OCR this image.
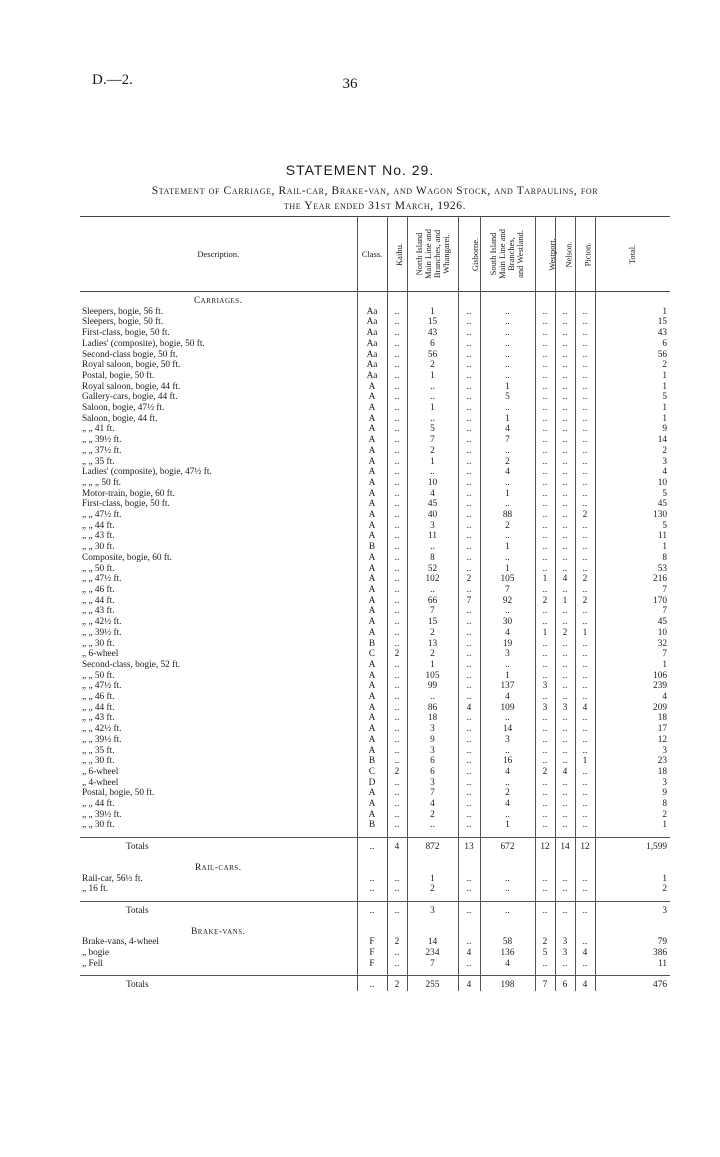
D.—2.	36
STATEMENT No. 29.
Statement of Carriage, Rail-car, Brake-van, and Wagon Stock, and Tarpaulins, for
the Year ended 31st March, 1926.
Description.	Class.	Kaihu.	North Island
Main Line and
Branches, and
Whangarei.	Gisborne.	South Island
Main Line and
Branches,
and Westland.	Westport.	Nelson.	Picton.	Total.
Carriages.									
Sleepers, bogie, 56 ft.	Aa	..	1	..	..	..	..	..	1
Sleepers, bogie, 50 ft.	Aa	..	15	..	..	..	..	..	15
First-class, bogie, 50 ft.	Aa	..	43	..	..	..	..	..	43
Ladies' (composite), bogie, 50 ft.	Aa	..	6	..	..	..	..	..	6
Second-class bogie, 50 ft.	Aa	..	56	..	..	..	..	..	56
Royal saloon, bogie, 50 ft.	Aa	..	2	..	..	..	..	..	2
Postal, bogie, 50 ft.	Aa	..	1	..	..	..	..	..	1
Royal saloon, bogie, 44 ft.	A	..	..	..	1	..	..	..	1
Gallery-cars, bogie, 44 ft.	A	..	..	..	5	..	..	..	5
Saloon, bogie, 47½ ft.	A	..	1	..	..	..	..	..	1
Saloon, bogie, 44 ft.	A	..	..	..	1	..	..	..	1
„ „ 41 ft.	A	..	5	..	4	..	..	..	9
„ „ 39½ ft.	A	..	7	..	7	..	..	..	14
„ „ 37½ ft.	A	..	2	..	..	..	..	..	2
„ „ 35 ft.	A	..	1	..	2	..	..	..	3
Ladies' (composite), bogie, 47½ ft.	A	..	..	..	4	..	..	..	4
„ „ „ 50 ft.	A	..	10	..	..	..	..	..	10
Motor-train, bogie, 60 ft.	A	..	4	..	1	..	..	..	5
First-class, bogie, 50 ft.	A	..	45	..	..	..	..	..	45
„ „ 47½ ft.	A	..	40	..	88	..	..	2	130
„ „ 44 ft.	A	..	3	..	2	..	..	..	5
„ „ 43 ft.	A	..	11	..	..	..	..	..	11
„ „ 30 ft.	B	..	..	..	1	..	..	..	1
Composite, bogie, 60 ft.	A	..	8	..	..	..	..	..	8
„ „ 50 ft.	A	..	52	..	1	..	..	..	53
„ „ 47½ ft.	A	..	102	2	105	1	4	2	216
„ „ 46 ft.	A	..	..	..	7	..	..	..	7
„ „ 44 ft.	A	..	66	7	92	2	1	2	170
„ „ 43 ft.	A	..	7	..	..	..	..	..	7
„ „ 42½ ft.	A	..	15	..	30	..	..	..	45
„ „ 39½ ft.	A	..	2	..	4	1	2	1	10
„ „ 30 ft.	B	..	13	..	19	..	..	..	32
„ 6-wheel	C	2	2	..	3	..	..	..	7
Second-class, bogie, 52 ft.	A	..	1	..	..	..	..	..	1
„ „ 50 ft.	A	..	105	..	1	..	..	..	106
„ „ 47½ ft.	A	..	99	..	137	3	..	..	239
„ „ 46 ft.	A	..	..	..	4	..	..	..	4
„ „ 44 ft.	A	..	86	4	109	3	3	4	209
„ „ 43 ft.	A	..	18	..	..	..	..	..	18
„ „ 42½ ft.	A	..	3	..	14	..	..	..	17
„ „ 39½ ft.	A	..	9	..	3	..	..	..	12
„ „ 35 ft.	A	..	3	..	..	..	..	..	3
„ „ 30 ft.	B	..	6	..	16	..	..	1	23
„ 6-wheel	C	2	6	..	4	2	4	..	18
„ 4-wheel	D	..	3	..	..	..	..	..	3
Postal, bogie, 50 ft.	A	..	7	..	2	..	..	..	9
„ „ 44 ft.	A	..	4	..	4	..	..	..	8
„ „ 39½ ft.	A	..	2	..	..	..	..	..	2
„ „ 30 ft.	B	..	..	..	1	..	..	..	1

Totals	..	4	872	13	672	12	14	12	1,599

Rail-cars.									
Rail-car, 56½ ft.	..	..	1	..	..	..	..	..	1
„ 16 ft.	..	..	2	..	..	..	..	..	2

Totals	..	..	3	..	..	..	..	..	3

Brake-vans.									
Brake-vans, 4-wheel	F	2	14	..	58	2	3	..	79
„ bogie	F	..	234	4	136	5	3	4	386
„ Fell	F	..	7	..	4	..	..	..	11

Totals	..	2	255	4	198	7	6	4	476
